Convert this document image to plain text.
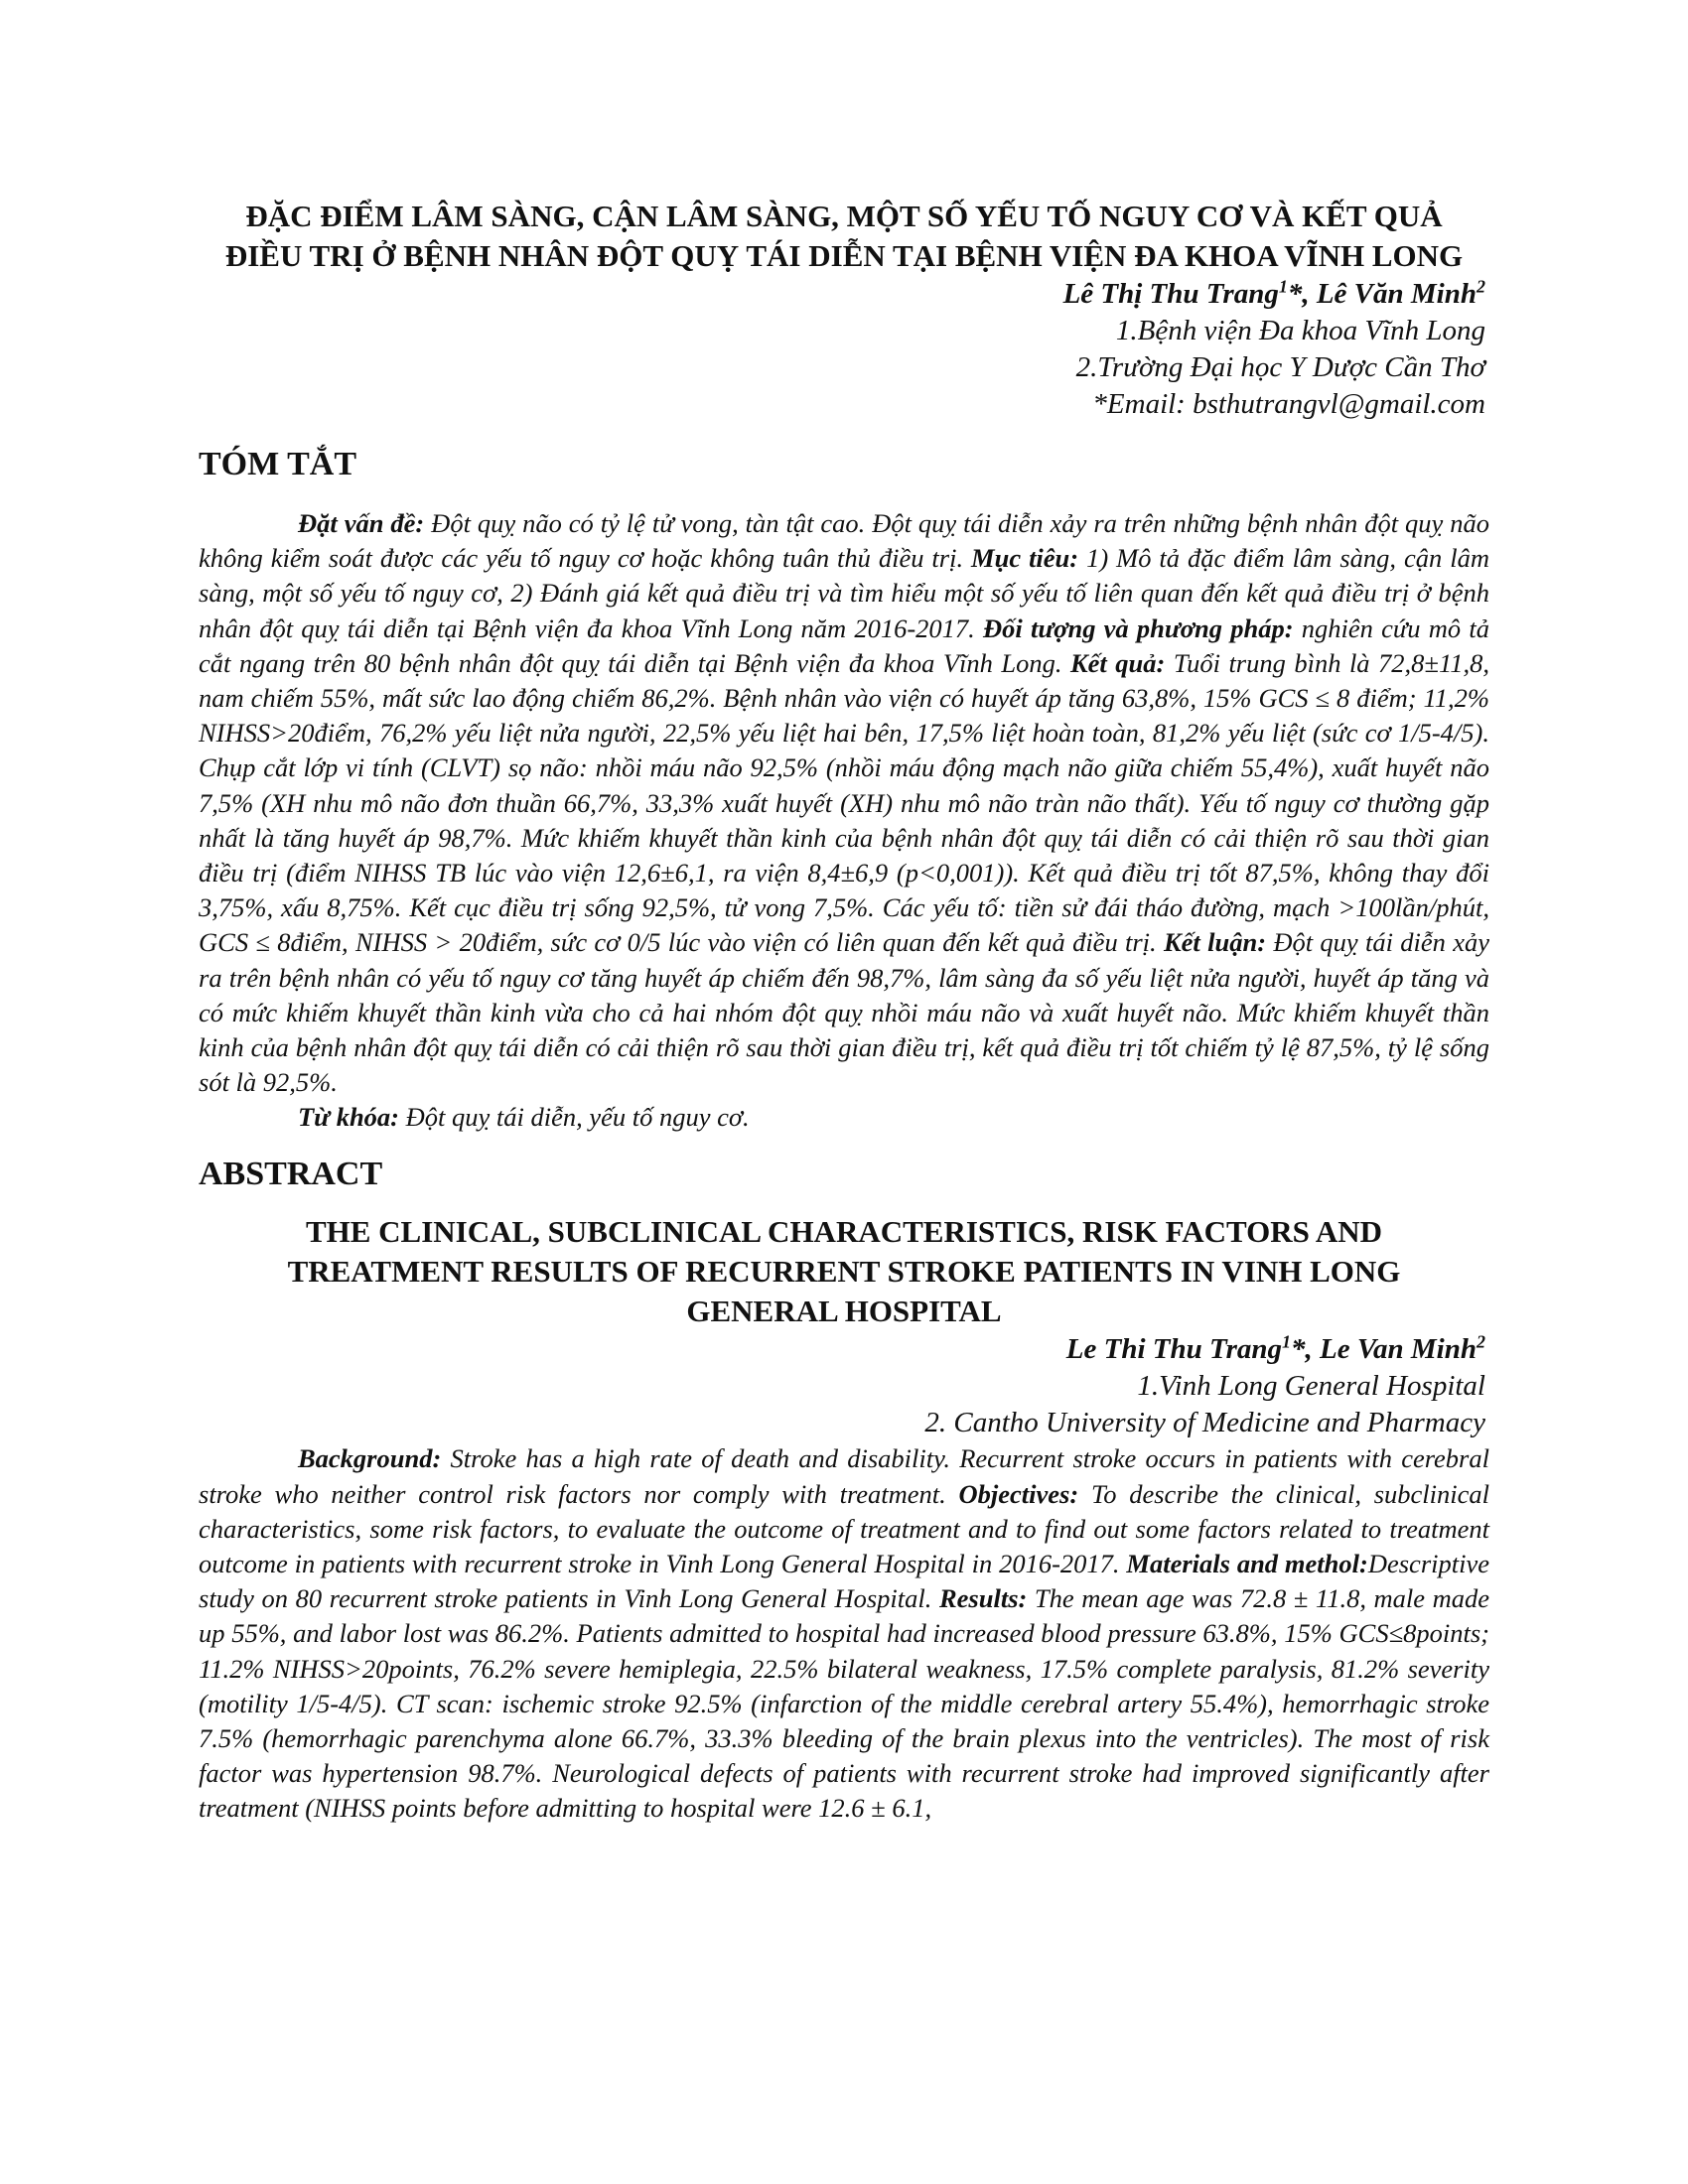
ĐẶC ĐIỂM LÂM SÀNG, CẬN LÂM SÀNG, MỘT SỐ YẾU TỐ NGUY CƠ VÀ KẾT QUẢ ĐIỀU TRỊ Ở BỆNH NHÂN ĐỘT QUỴ TÁI DIỄN TẠI BỆNH VIỆN ĐA KHOA VĨNH LONG
Lê Thị Thu Trang$^1$*, Lê Văn Minh$^2$
1.Bệnh viện Đa khoa Vĩnh Long
2.Trường Đại học Y Dược Cần Thơ
*Email: bsthutrangvl@gmail.com
TÓM TẮT

Đặt vấn đề: Đột quỵ não có tỷ lệ tử vong, tàn tật cao. Đột quỵ tái diễn xảy ra trên những bệnh nhân đột quỵ não không kiểm soát được các yếu tố nguy cơ hoặc không tuân thủ điều trị. Mục tiêu: 1) Mô tả đặc điểm lâm sàng, cận lâm sàng, một số yếu tố nguy cơ, 2) Đánh giá kết quả điều trị và tìm hiểu một số yếu tố liên quan đến kết quả điều trị ở bệnh nhân đột quỵ tái diễn tại Bệnh viện đa khoa Vĩnh Long năm 2016-2017. Đối tượng và phương pháp: nghiên cứu mô tả cắt ngang trên 80 bệnh nhân đột quỵ tái diễn tại Bệnh viện đa khoa Vĩnh Long. Kết quả: Tuổi trung bình là 72,8±11,8, nam chiếm 55%, mất sức lao động chiếm 86,2%. Bệnh nhân vào viện có huyết áp tăng 63,8%, 15% GCS ≤ 8 điểm; 11,2% NIHSS>20điểm, 76,2% yếu liệt nửa người, 22,5% yếu liệt hai bên, 17,5% liệt hoàn toàn, 81,2% yếu liệt (sức cơ 1/5-4/5). Chụp cắt lớp vi tính (CLVT) sọ não: nhồi máu não 92,5% (nhồi máu động mạch não giữa chiếm 55,4%), xuất huyết não 7,5% (XH nhu mô não đơn thuần 66,7%, 33,3% xuất huyết (XH) nhu mô não tràn não thất). Yếu tố nguy cơ thường gặp nhất là tăng huyết áp 98,7%. Mức khiếm khuyết thần kinh của bệnh nhân đột quỵ tái diễn có cải thiện rõ sau thời gian điều trị (điểm NIHSS TB lúc vào viện 12,6±6,1, ra viện 8,4±6,9 (p<0,001)). Kết quả điều trị tốt 87,5%, không thay đổi 3,75%, xấu 8,75%. Kết cục điều trị sống 92,5%, tử vong 7,5%. Các yếu tố: tiền sử đái tháo đường, mạch >100lần/phút, GCS ≤ 8điểm, NIHSS > 20điểm, sức cơ 0/5 lúc vào viện có liên quan đến kết quả điều trị. Kết luận: Đột quỵ tái diễn xảy ra trên bệnh nhân có yếu tố nguy cơ tăng huyết áp chiếm đến 98,7%, lâm sàng đa số yếu liệt nửa người, huyết áp tăng và có mức khiếm khuyết thần kinh vừa cho cả hai nhóm đột quỵ nhồi máu não và xuất huyết não. Mức khiếm khuyết thần kinh của bệnh nhân đột quỵ tái diễn có cải thiện rõ sau thời gian điều trị, kết quả điều trị tốt chiếm tỷ lệ 87,5%, tỷ lệ sống sót là 92,5%.

Từ khóa: Đột quỵ tái diễn, yếu tố nguy cơ.

ABSTRACT
THE CLINICAL, SUBCLINICAL CHARACTERISTICS, RISK FACTORS AND TREATMENT RESULTS OF RECURRENT STROKE PATIENTS IN VINH LONG GENERAL HOSPITAL
Le Thi Thu Trang$^1$*, Le Van Minh$^2$
1.Vinh Long General Hospital
2. Cantho University of Medicine and Pharmacy

Background: Stroke has a high rate of death and disability. Recurrent stroke occurs in patients with cerebral stroke who neither control risk factors nor comply with treatment. Objectives: To describe the clinical, subclinical characteristics, some risk factors, to evaluate the outcome of treatment and to find out some factors related to treatment outcome in patients with recurrent stroke in Vinh Long General Hospital in 2016-2017. Materials and methol:Descriptive study on 80 recurrent stroke patients in Vinh Long General Hospital. Results: The mean age was 72.8 ± 11.8, male made up 55%, and labor lost was 86.2%. Patients admitted to hospital had increased blood pressure 63.8%, 15% GCS≤8points; 11.2% NIHSS>20points, 76.2% severe hemiplegia, 22.5% bilateral weakness, 17.5% complete paralysis, 81.2% severity (motility 1/5-4/5). CT scan: ischemic stroke 92.5% (infarction of the middle cerebral artery 55.4%), hemorrhagic stroke 7.5% (hemorrhagic parenchyma alone 66.7%, 33.3% bleeding of the brain plexus into the ventricles). The most of risk factor was hypertension 98.7%. Neurological defects of patients with recurrent stroke had improved significantly after treatment (NIHSS points before admitting to hospital were 12.6 ± 6.1,
